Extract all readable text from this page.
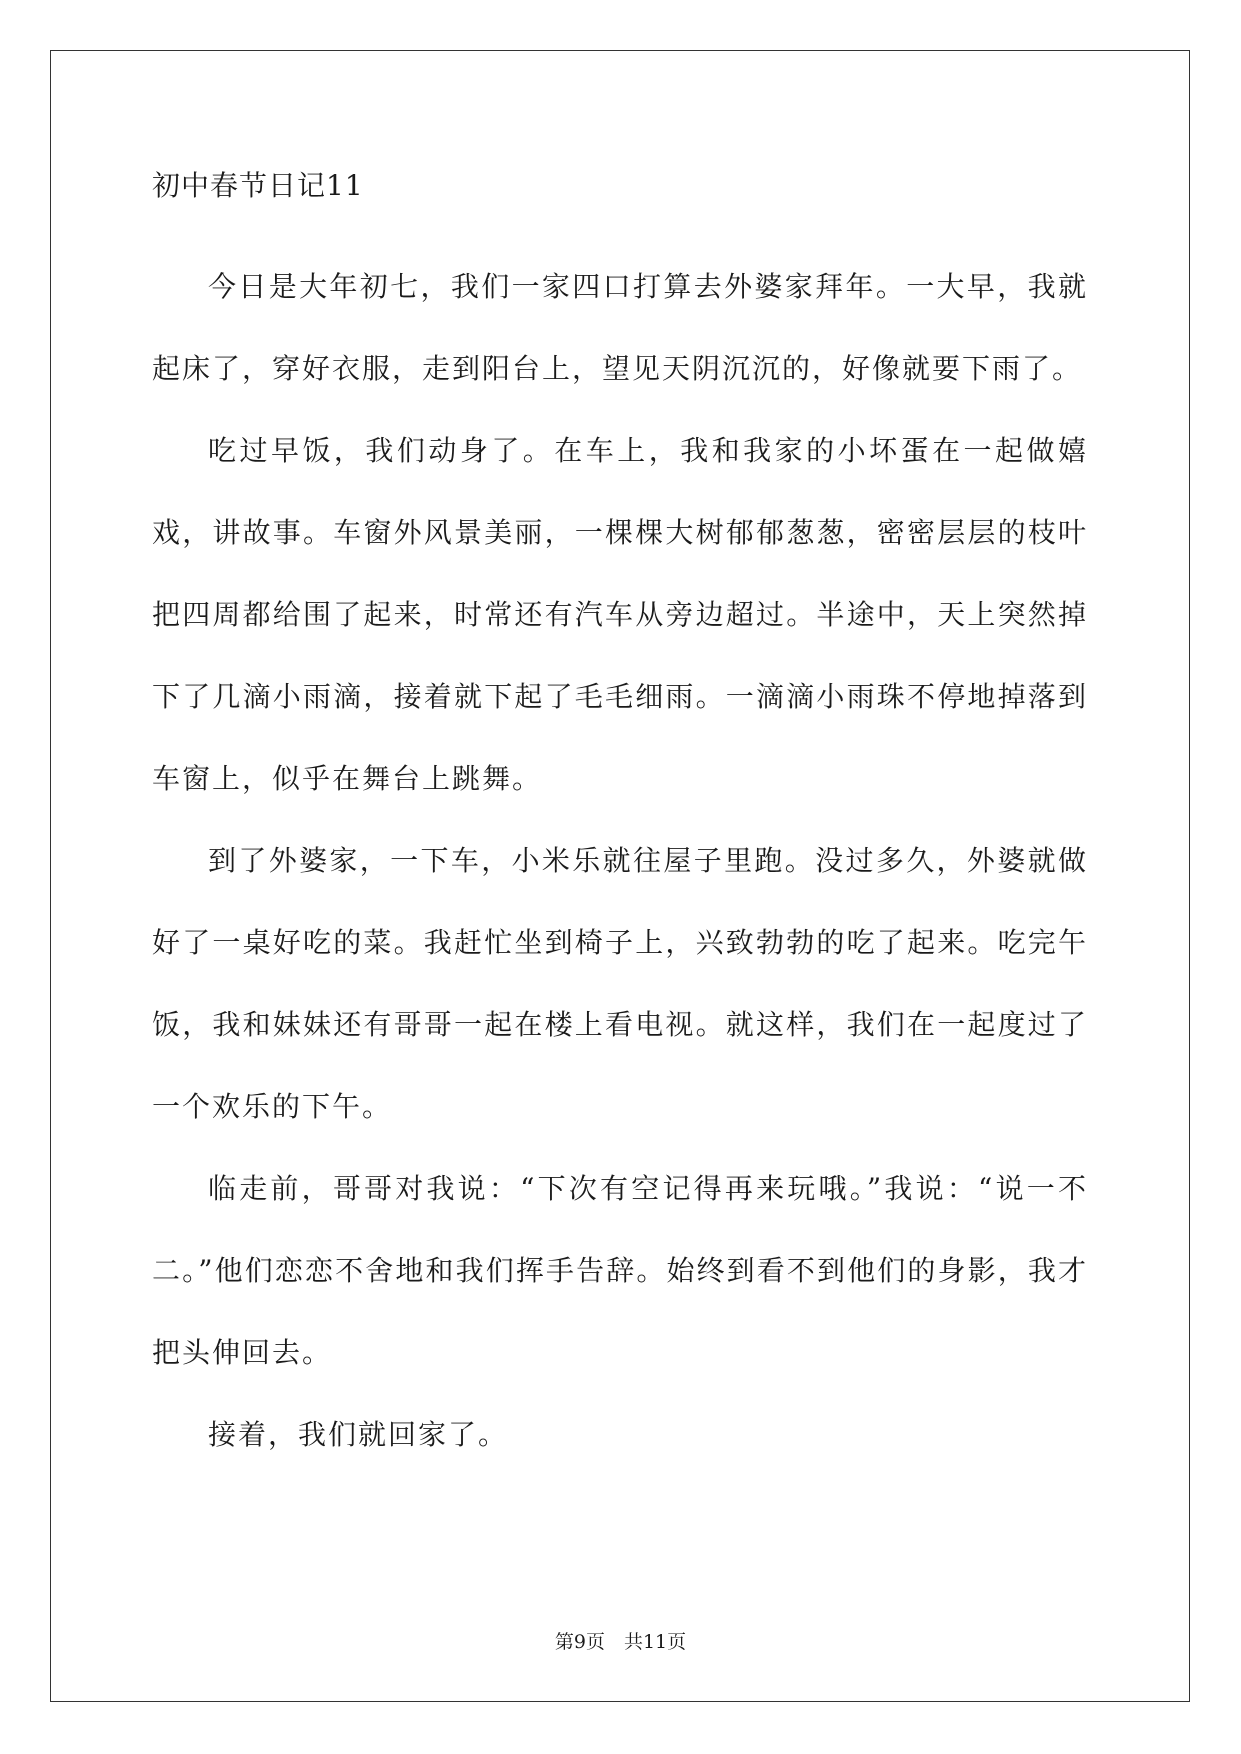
初中春节日记11

今日是大年初七，我们一家四口打算去外婆家拜年。一大早，我就起床了，穿好衣服，走到阳台上，望见天阴沉沉的，好像就要下雨了。

吃过早饭，我们动身了。在车上，我和我家的小坏蛋在一起做嬉戏，讲故事。车窗外风景美丽，一棵棵大树郁郁葱葱，密密层层的枝叶把四周都给围了起来，时常还有汽车从旁边超过。半途中，天上突然掉下了几滴小雨滴，接着就下起了毛毛细雨。一滴滴小雨珠不停地掉落到车窗上，似乎在舞台上跳舞。

到了外婆家，一下车，小米乐就往屋子里跑。没过多久，外婆就做好了一桌好吃的菜。我赶忙坐到椅子上，兴致勃勃的吃了起来。吃完午饭，我和妹妹还有哥哥一起在楼上看电视。就这样，我们在一起度过了一个欢乐的下午。

临走前，哥哥对我说：“下次有空记得再来玩哦。”我说：“说一不二。”他们恋恋不舍地和我们挥手告辞。始终到看不到他们的身影，我才把头伸回去。

接着，我们就回家了。

第9页　共11页
